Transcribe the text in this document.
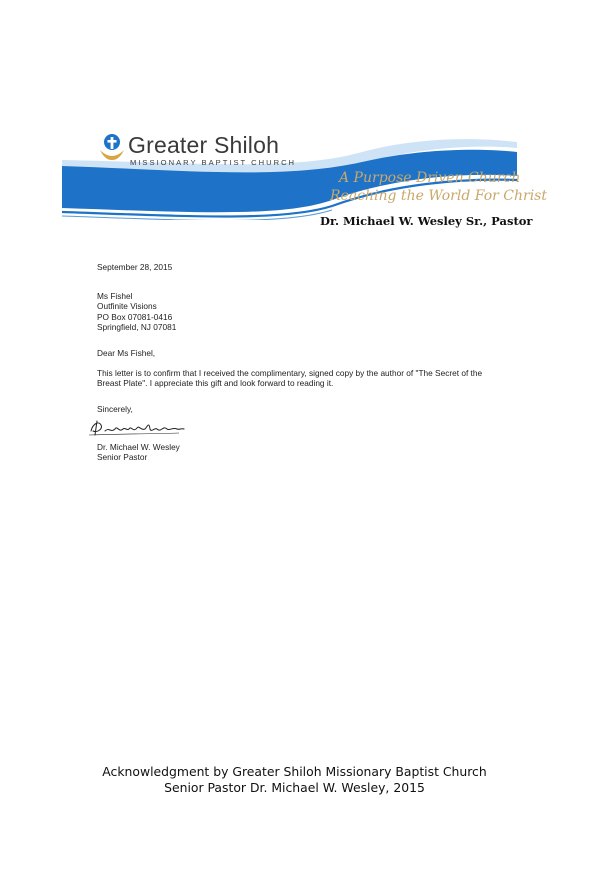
Greater Shiloh
MISSIONARY BAPTIST CHURCH
A Purpose Driven Church
Reaching the World For Christ
Dr. Michael W. Wesley Sr., Pastor
September 28, 2015
Ms Fishel
Outfinite Visions
PO Box 07081-0416
Springfield, NJ 07081
Dear Ms Fishel,
This letter is to confirm that I received the complimentary, signed copy by the author of "The Secret of the Breast Plate". I appreciate this gift and look forward to reading it.
Sincerely,
Dr. Michael W. Wesley
Senior Pastor
Acknowledgment by Greater Shiloh Missionary Baptist Church
Senior Pastor Dr. Michael W. Wesley, 2015
